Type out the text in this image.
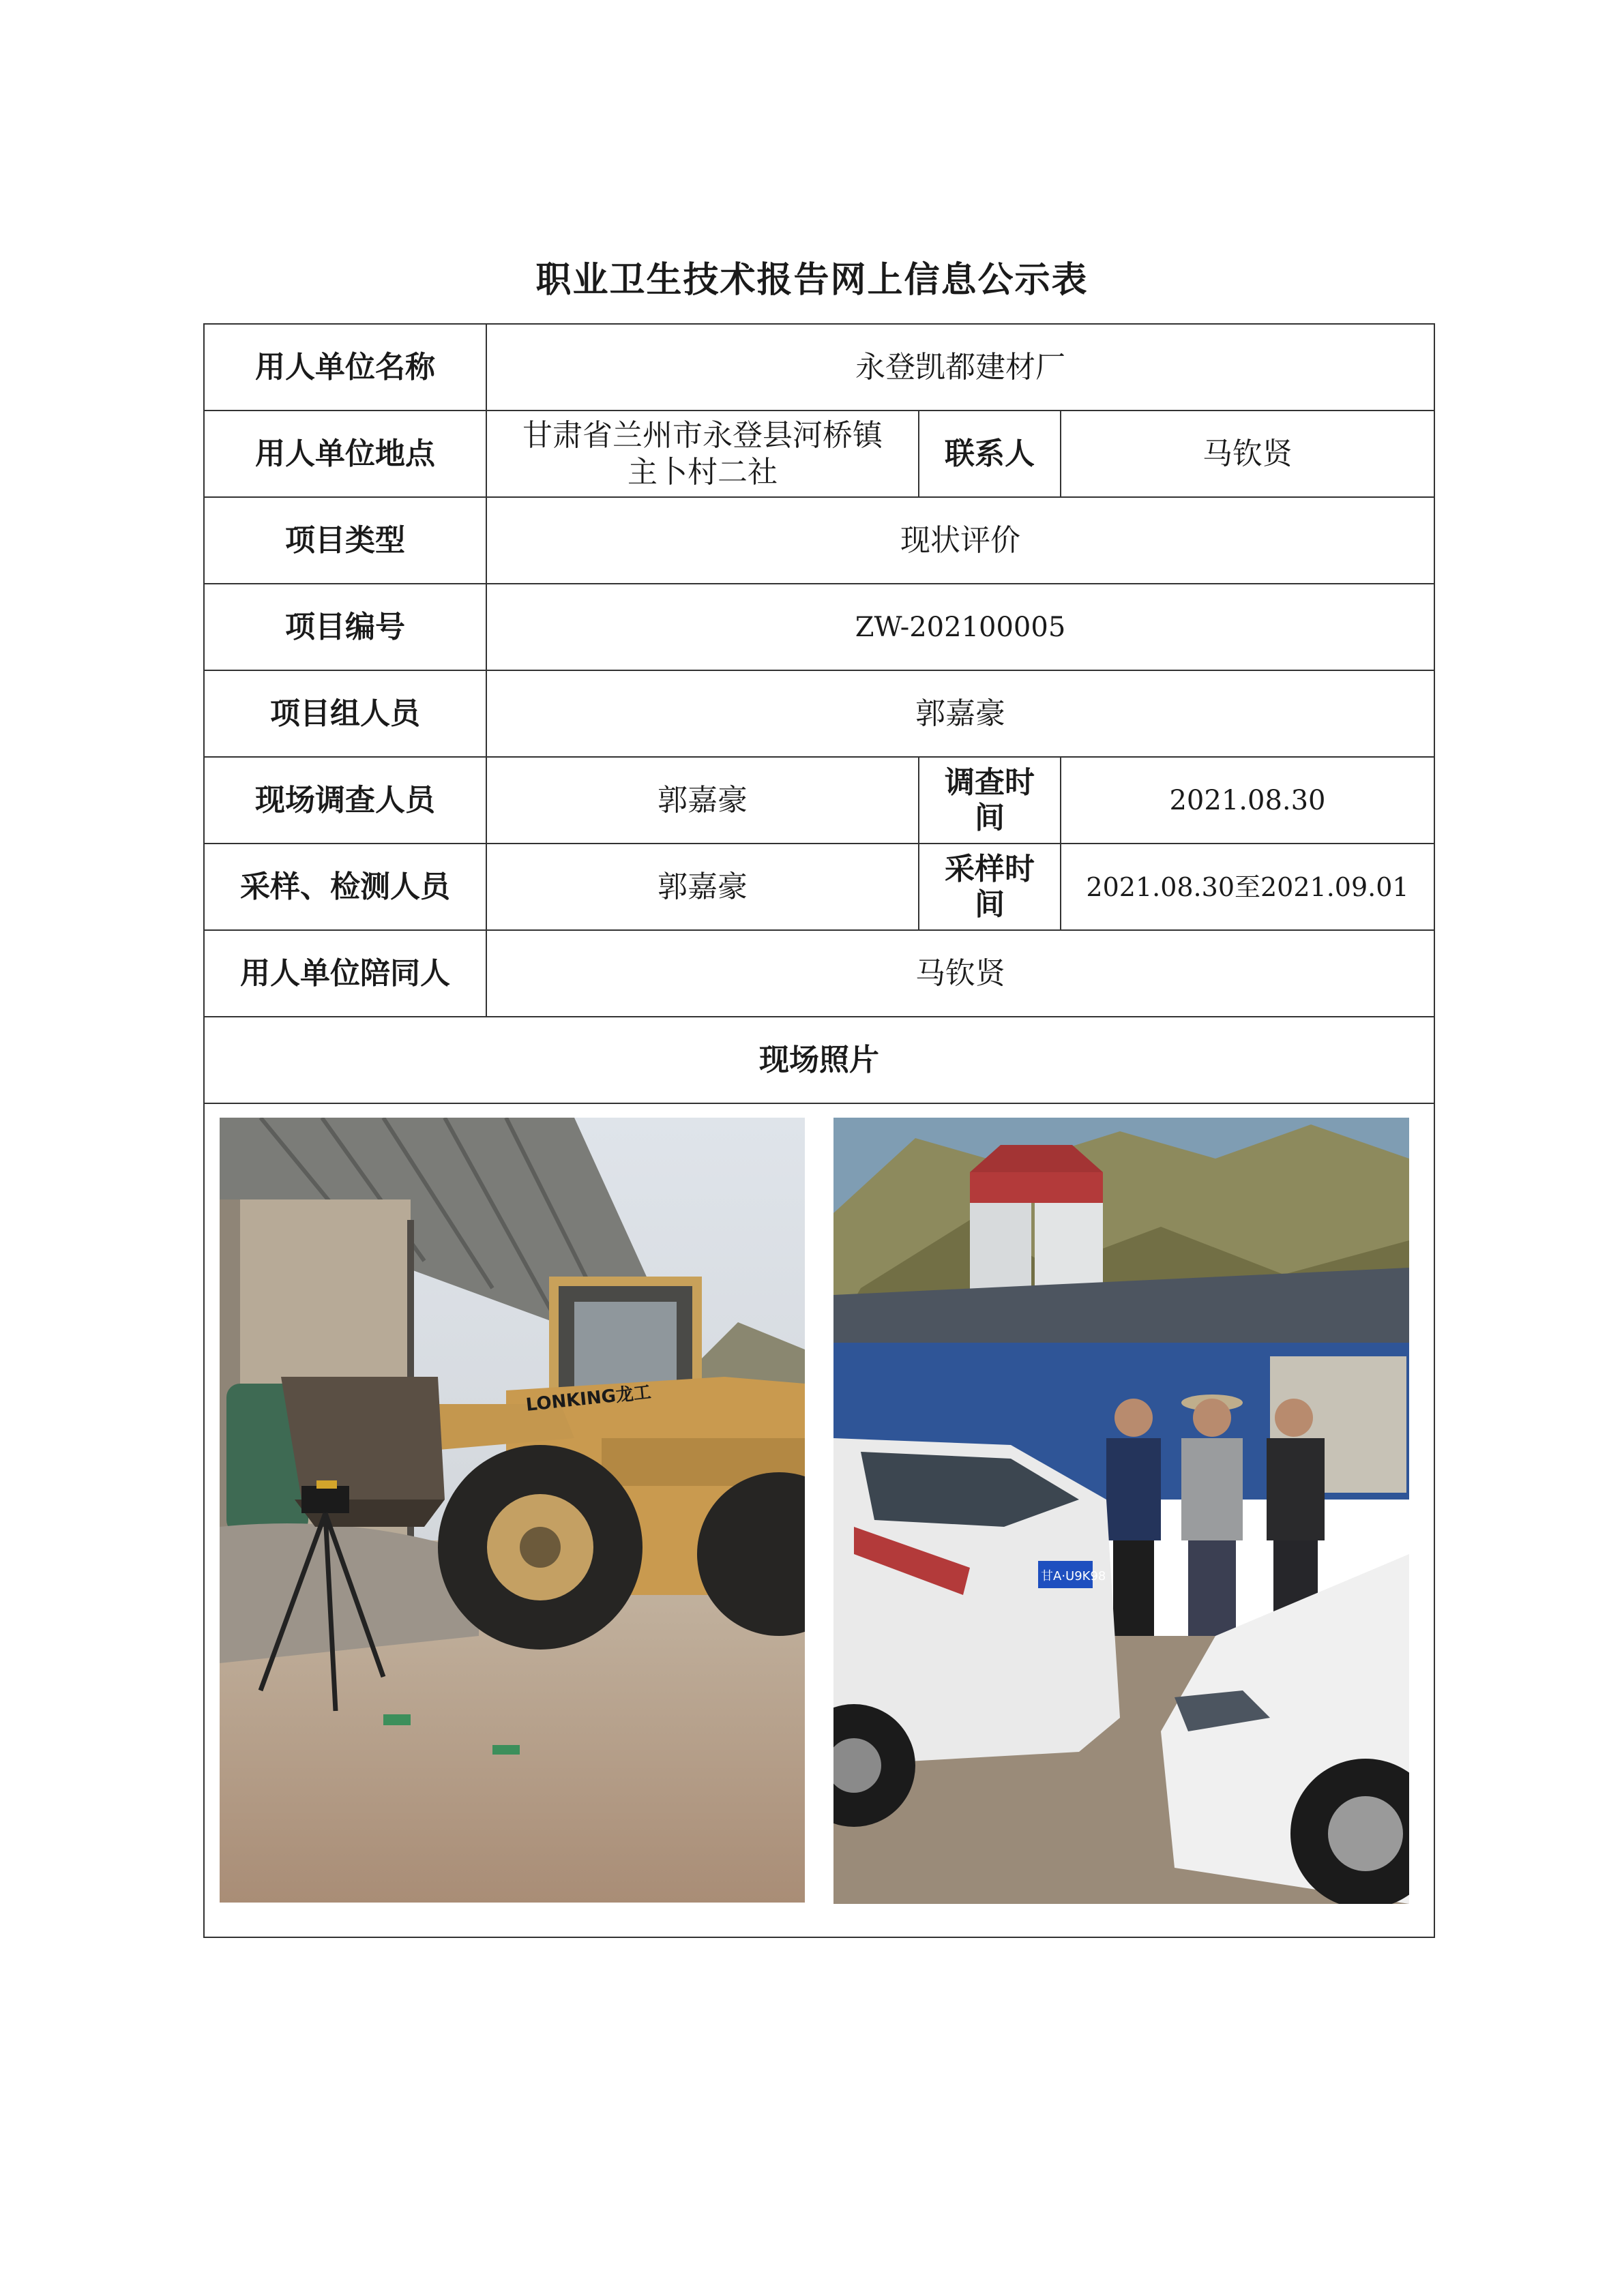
职业卫生技术报告网上信息公示表
用人单位名称	永登凯都建材厂		
用人单位地点	甘肃省兰州市永登县河桥镇主卜村二社	联系人	马钦贤
项目类型	现状评价		
项目编号	ZW-202100005		
项目组人员	郭嘉豪		
现场调查人员	郭嘉豪	调查时间	2021.08.30
采样、检测人员	郭嘉豪	采样时间	2021.08.30至2021.09.01
用人单位陪同人	马钦贤		
现场照片			

LONKING龙工
甘A·U9K98			
